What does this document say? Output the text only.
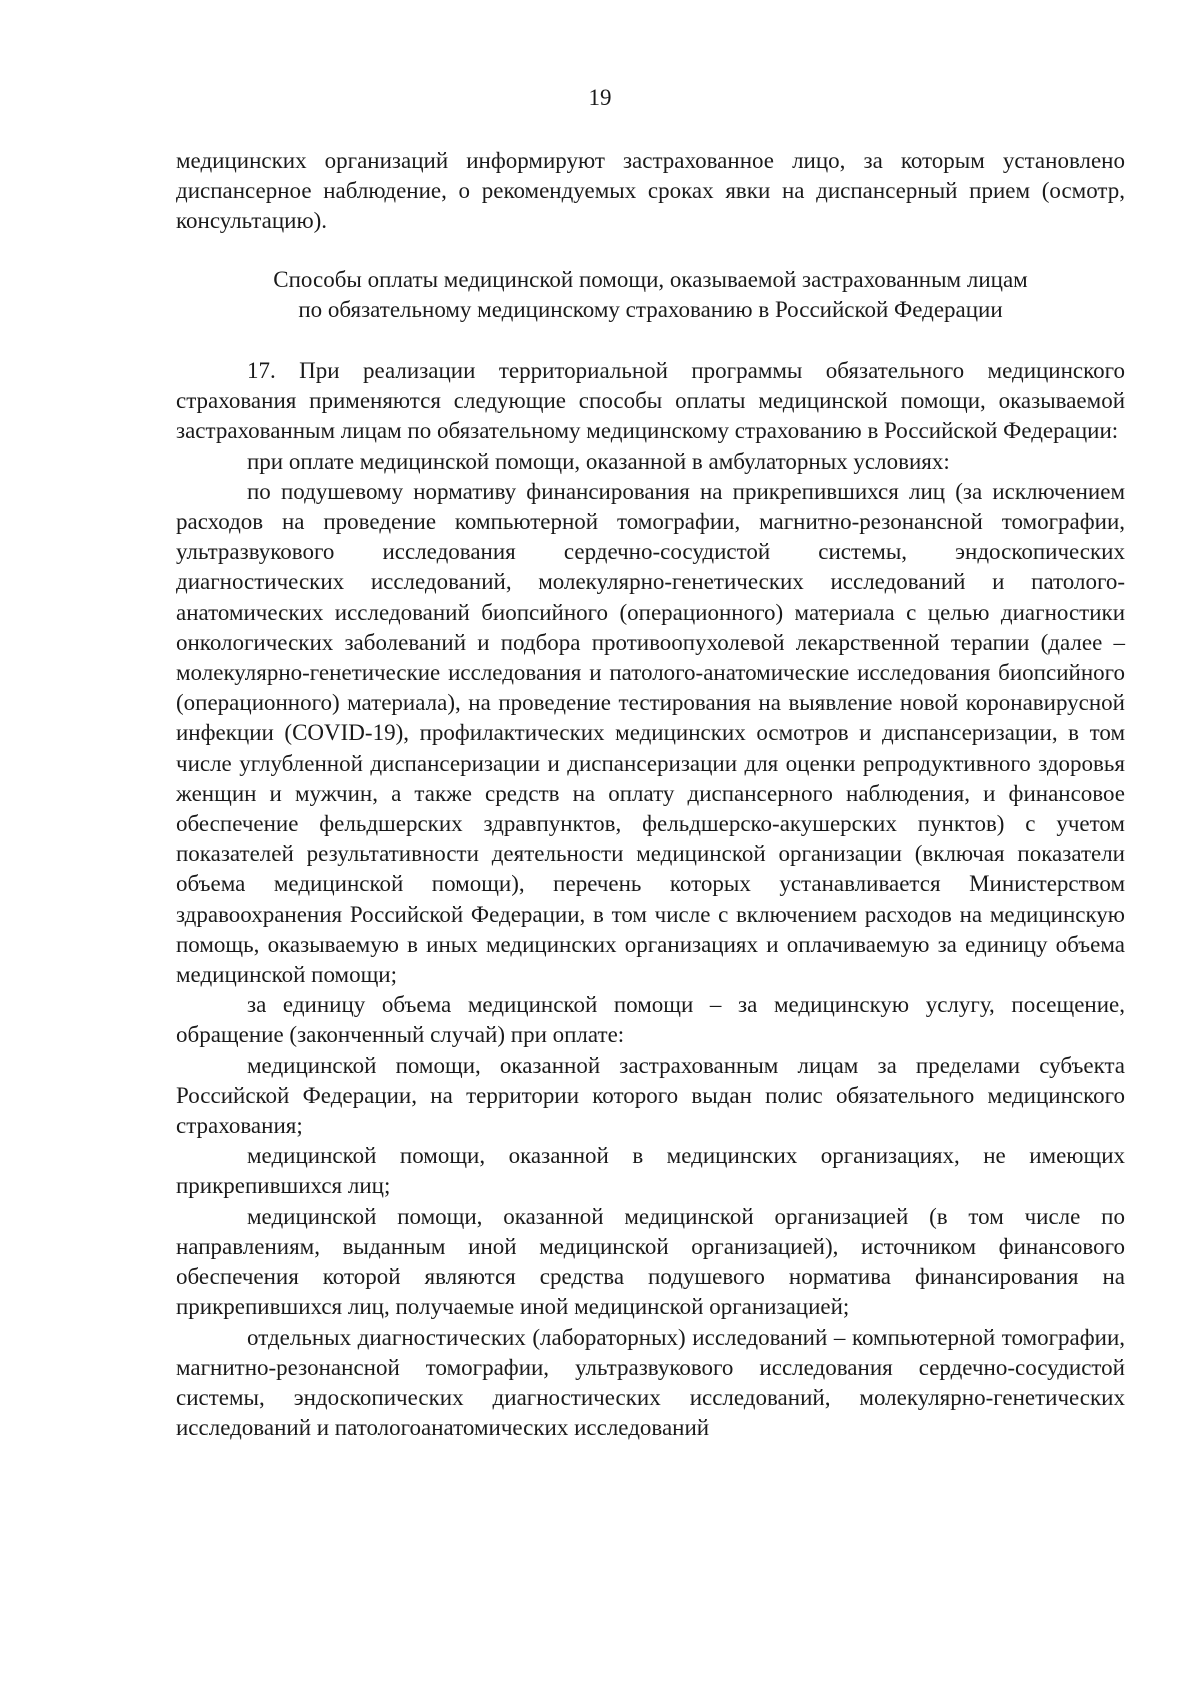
19

медицинских организаций информируют застрахованное лицо, за которым установлено диспансерное наблюдение, о рекомендуемых сроках явки на диспансерный прием (осмотр, консультацию).

Способы оплаты медицинской помощи, оказываемой застрахованным лицам
по обязательному медицинскому страхованию в Российской Федерации

17. При реализации территориальной программы обязательного медицинского страхования применяются следующие способы оплаты медицинской помощи, оказываемой застрахованным лицам по обязательному медицинскому страхованию в Российской Федерации:

при оплате медицинской помощи, оказанной в амбулаторных условиях:

по подушевому нормативу финансирования на прикрепившихся лиц (за исключением расходов на проведение компьютерной томографии, магнитно-резонансной томографии, ультразвукового исследования сердечно-сосудистой системы, эндоскопических диагностических исследований, молекулярно-генетических исследований и патолого-анатомических исследований биопсийного (операционного) материала с целью диагностики онкологических заболеваний и подбора противоопухолевой лекарственной терапии (далее – молекулярно-генетические исследования и патолого-анатомические исследования биопсийного (операционного) материала), на проведение тестирования на выявление новой коронавирусной инфекции (COVID-19), профилактических медицинских осмотров и диспансеризации, в том числе углубленной диспансеризации и диспансеризации для оценки репродуктивного здоровья женщин и мужчин, а также средств на оплату диспансерного наблюдения, и финансовое обеспечение фельдшерских здравпунктов, фельдшерско-акушерских пунктов) с учетом показателей результативности деятельности медицинской организации (включая показатели объема медицинской помощи), перечень которых устанавливается Министерством здравоохранения Российской Федерации, в том числе с включением расходов на медицинскую помощь, оказываемую в иных медицинских организациях и оплачиваемую за единицу объема медицинской помощи;

за единицу объема медицинской помощи – за медицинскую услугу, посещение, обращение (законченный случай) при оплате:

медицинской помощи, оказанной застрахованным лицам за пределами субъекта Российской Федерации, на территории которого выдан полис обязательного медицинского страхования;

медицинской помощи, оказанной в медицинских организациях, не имеющих прикрепившихся лиц;

медицинской помощи, оказанной медицинской организацией (в том числе по направлениям, выданным иной медицинской организацией), источником финансового обеспечения которой являются средства подушевого норматива финансирования на прикрепившихся лиц, получаемые иной медицинской организацией;

отдельных диагностических (лабораторных) исследований – компьютерной томографии, магнитно-резонансной томографии, ультразвукового исследования сердечно-сосудистой системы, эндоскопических диагностических исследований, молекулярно-генетических исследований и патологоанатомических исследований
